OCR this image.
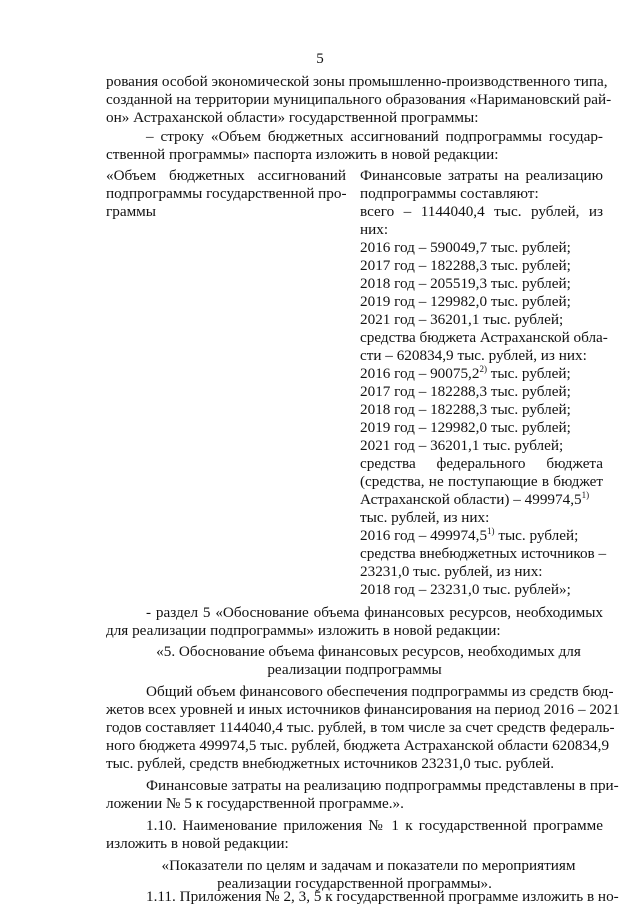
5
рования особой экономической зоны промышленно-производственного типа,
созданной на территории муниципального образования «Наримановский рай-
он» Астраханской области» государственной программы:
– строку «Объем бюджетных ассигнований подпрограммы государ-
ственной программы» паспорта изложить в новой редакции:
«Объем бюджетных ассигнований
подпрограммы государственной про-
граммы
Финансовые затраты на реализацию
подпрограммы составляют:
всего – 1144040,4 тыс. рублей, из
них:
2016 год – 590049,7 тыс. рублей;
2017 год – 182288,3 тыс. рублей;
2018 год – 205519,3 тыс. рублей;
2019 год – 129982,0 тыс. рублей;
2021 год – 36201,1 тыс. рублей;
средства бюджета Астраханской обла-
сти – 620834,9 тыс. рублей, из них:
2016 год – 90075,2$^{2)}$ тыс. рублей;
2017 год – 182288,3 тыс. рублей;
2018 год – 182288,3 тыс. рублей;
2019 год – 129982,0 тыс. рублей;
2021 год – 36201,1 тыс. рублей;
средства федерального бюджета
(средства, не поступающие в бюджет
Астраханской области) – 499974,5$^{1)}$
тыс. рублей, из них:
2016 год – 499974,5$^{1)}$ тыс. рублей;
средства внебюджетных источников –
23231,0 тыс. рублей, из них:
2018 год – 23231,0 тыс. рублей»;
- раздел 5 «Обоснование объема финансовых ресурсов, необходимых
для реализации подпрограммы» изложить в новой редакции:
«5. Обоснование объема финансовых ресурсов, необходимых для
реализации подпрограммы
Общий объем финансового обеспечения подпрограммы из средств бюд-
жетов всех уровней и иных источников финансирования на период 2016 – 2021
годов составляет 1144040,4 тыс. рублей, в том числе за счет средств федераль-
ного бюджета 499974,5 тыс. рублей, бюджета Астраханской области 620834,9
тыс. рублей, средств внебюджетных источников 23231,0 тыс. рублей.
Финансовые затраты на реализацию подпрограммы представлены в при-
ложении № 5 к государственной программе.».
1.10. Наименование приложения № 1 к государственной программе
изложить в новой редакции:
«Показатели по целям и задачам и показатели по мероприятиям
реализации государственной программы».
1.11. Приложения № 2, 3, 5 к государственной программе изложить в но-
